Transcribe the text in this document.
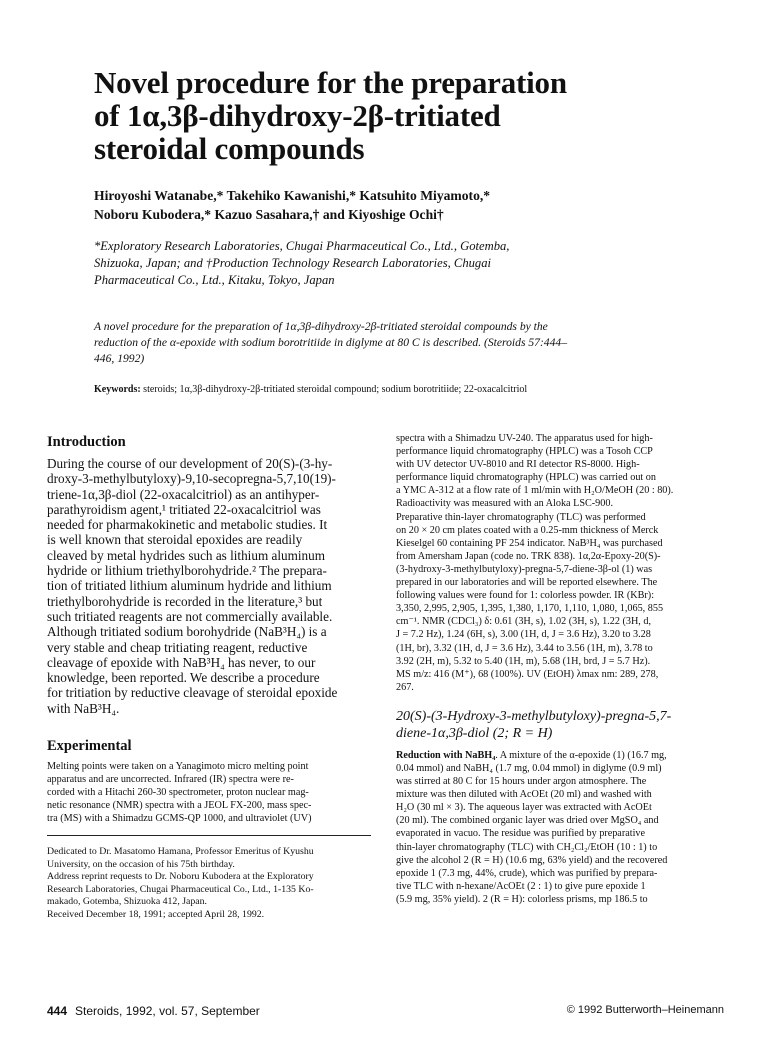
Novel procedure for the preparation
of 1α,3β-dihydroxy-2β-tritiated
steroidal compounds
Hiroyoshi Watanabe,* Takehiko Kawanishi,* Katsuhito Miyamoto,*
Noboru Kubodera,* Kazuo Sasahara,† and Kiyoshige Ochi†
*Exploratory Research Laboratories, Chugai Pharmaceutical Co., Ltd., Gotemba,
Shizuoka, Japan; and †Production Technology Research Laboratories, Chugai
Pharmaceutical Co., Ltd., Kitaku, Tokyo, Japan
A novel procedure for the preparation of 1α,3β-dihydroxy-2β-tritiated steroidal compounds by the
reduction of the α-epoxide with sodium borotritiide in diglyme at 80 C is described. (Steroids 57:444–
446, 1992)
Keywords: steroids; 1α,3β-dihydroxy-2β-tritiated steroidal compound; sodium borotritiide; 22-oxacalcitriol
Introduction

During the course of our development of 20(S)-(3-hy-
droxy-3-methylbutyloxy)-9,10-secopregna-5,7,10(19)-
triene-1α,3β-diol (22-oxacalcitriol) as an antihyper-
parathyroidism agent,¹ tritiated 22-oxacalcitriol was
needed for pharmakokinetic and metabolic studies. It
is well known that steroidal epoxides are readily
cleaved by metal hydrides such as lithium aluminum
hydride or lithium triethylborohydride.² The prepara-
tion of tritiated lithium aluminum hydride and lithium
triethylborohydride is recorded in the literature,³ but
such tritiated reagents are not commercially available.
Although tritiated sodium borohydride (NaB³H₄) is a
very stable and cheap tritiating reagent, reductive
cleavage of epoxide with NaB³H₄ has never, to our
knowledge, been reported. We describe a procedure
for tritiation by reductive cleavage of steroidal epoxide
with NaB³H₄.

Experimental

Melting points were taken on a Yanagimoto micro melting point
apparatus and are uncorrected. Infrared (IR) spectra were re-
corded with a Hitachi 260-30 spectrometer, proton nuclear mag-
netic resonance (NMR) spectra with a JEOL FX-200, mass spec-
tra (MS) with a Shimadzu GCMS-QP 1000, and ultraviolet (UV)

Dedicated to Dr. Masatomo Hamana, Professor Emeritus of Kyushu
University, on the occasion of his 75th birthday.
Address reprint requests to Dr. Noboru Kubodera at the Exploratory
Research Laboratories, Chugai Pharmaceutical Co., Ltd., 1-135 Ko-
makado, Gotemba, Shizuoka 412, Japan.
Received December 18, 1991; accepted April 28, 1992.

spectra with a Shimadzu UV-240. The apparatus used for high-
performance liquid chromatography (HPLC) was a Tosoh CCP
with UV detector UV-8010 and RI detector RS-8000. High-
performance liquid chromatography (HPLC) was carried out on
a YMC A-312 at a flow rate of 1 ml/min with H₂O/MeOH (20 : 80).
Radioactivity was measured with an Aloka LSC-900.
Preparative thin-layer chromatography (TLC) was performed
on 20 × 20 cm plates coated with a 0.25-mm thickness of Merck
Kieselgel 60 containing PF 254 indicator. NaB³H₄ was purchased
from Amersham Japan (code no. TRK 838). 1α,2α-Epoxy-20(S)-
(3-hydroxy-3-methylbutyloxy)-pregna-5,7-diene-3β-ol (1) was
prepared in our laboratories and will be reported elsewhere. The
following values were found for 1: colorless powder. IR (KBr):
3,350, 2,995, 2,905, 1,395, 1,380, 1,170, 1,110, 1,080, 1,065, 855
cm⁻¹. NMR (CDCl₃) δ: 0.61 (3H, s), 1.02 (3H, s), 1.22 (3H, d,
J = 7.2 Hz), 1.24 (6H, s), 3.00 (1H, d, J = 3.6 Hz), 3.20 to 3.28
(1H, br), 3.32 (1H, d, J = 3.6 Hz), 3.44 to 3.56 (1H, m), 3.78 to
3.92 (2H, m), 5.32 to 5.40 (1H, m), 5.68 (1H, brd, J = 5.7 Hz).
MS m/z: 416 (M⁺), 68 (100%). UV (EtOH) λmax nm: 289, 278,
267.

20(S)-(3-Hydroxy-3-methylbutyloxy)-pregna-5,7-
diene-1α,3β-diol (2; R = H)

Reduction with NaBH₄. A mixture of the α-epoxide (1) (16.7 mg,
0.04 mmol) and NaBH₄ (1.7 mg, 0.04 mmol) in diglyme (0.9 ml)
was stirred at 80 C for 15 hours under argon atmosphere. The
mixture was then diluted with AcOEt (20 ml) and washed with
H₂O (30 ml × 3). The aqueous layer was extracted with AcOEt
(20 ml). The combined organic layer was dried over MgSO₄ and
evaporated in vacuo. The residue was purified by preparative
thin-layer chromatography (TLC) with CH₂Cl₂/EtOH (10 : 1) to
give the alcohol 2 (R = H) (10.6 mg, 63% yield) and the recovered
epoxide 1 (7.3 mg, 44%, crude), which was purified by prepara-
tive TLC with n-hexane/AcOEt (2 : 1) to give pure epoxide 1
(5.9 mg, 35% yield). 2 (R = H): colorless prisms, mp 186.5 to

444 Steroids, 1992, vol. 57, September	© 1992 Butterworth–Heinemann
